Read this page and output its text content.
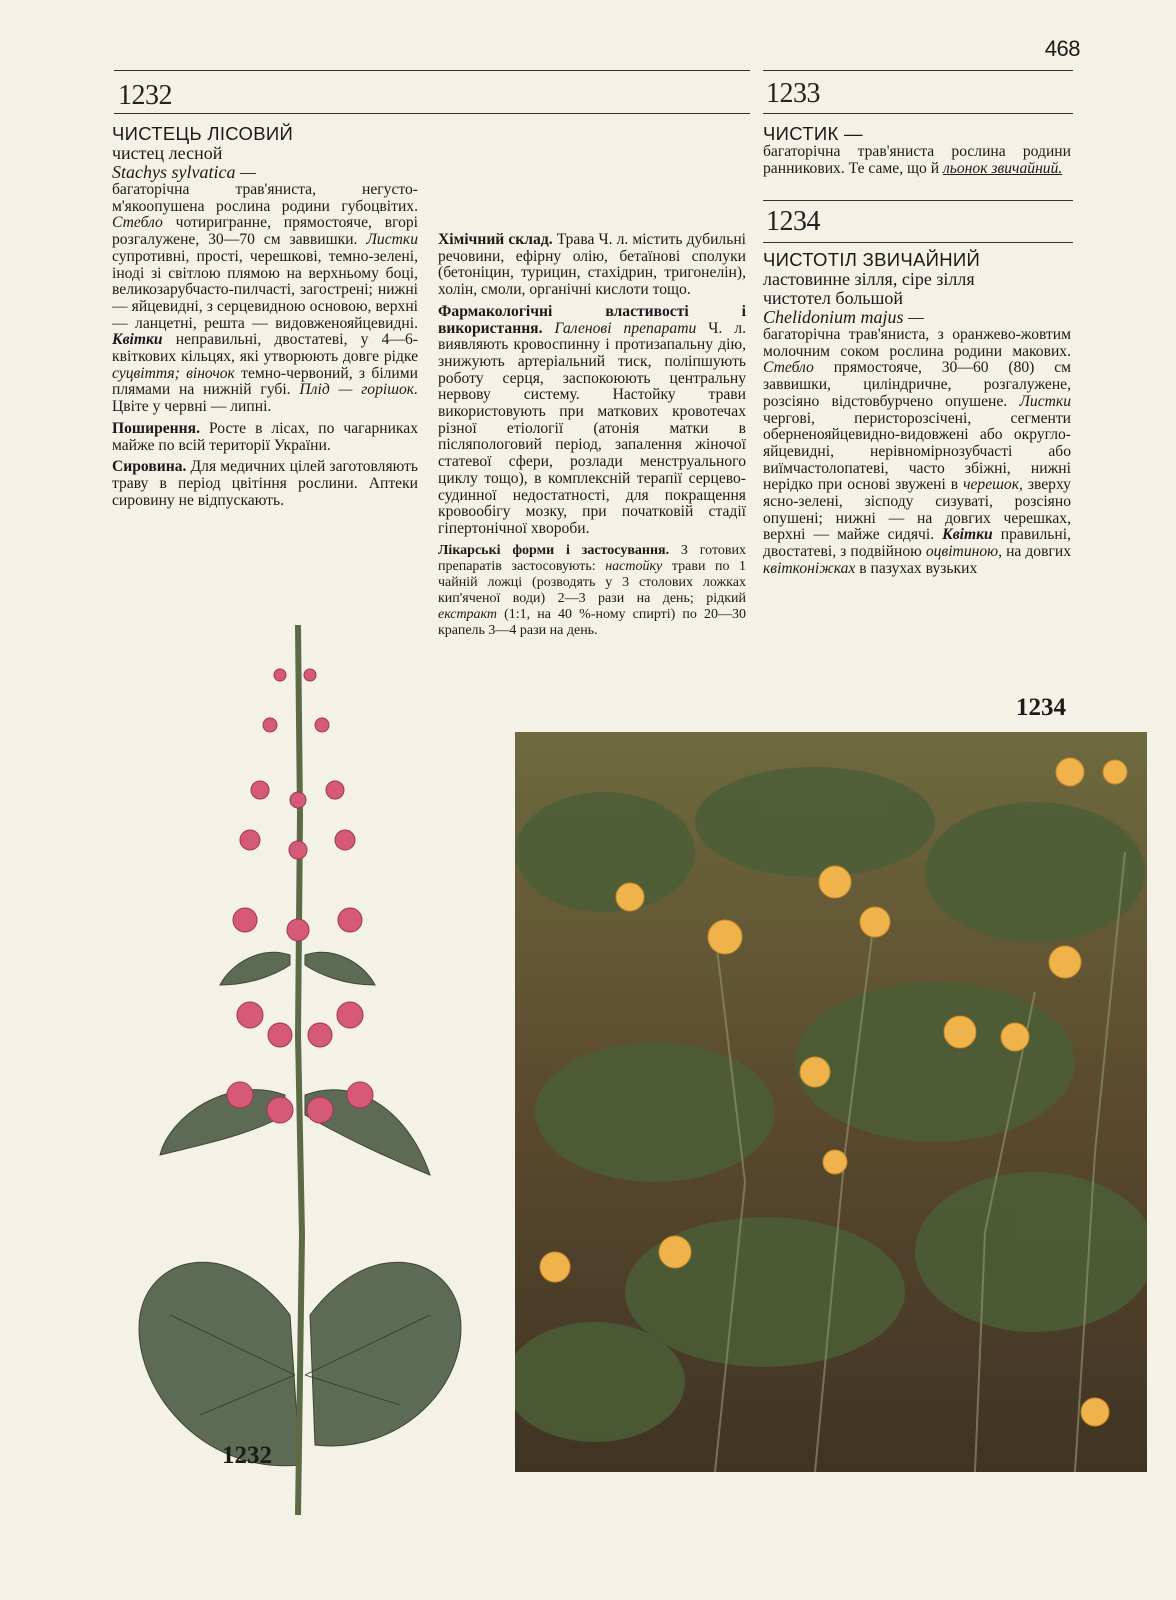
468
1232	1233
1234
ЧИСТЕЦЬ ЛІСОВИЙ
чистец лесной
Stachys sylvatica —

багаторічна трав'яниста, негусто-м'якоопушена рослина родини губоцвітих. Стебло чотиригранне, прямостояче, вгорі розгалужене, 30—70 см заввишки. Листки супротивні, прості, черешкові, темно-зелені, іноді зі світлою плямою на верхньому боці, великозарубчасто-пилчасті, загострені; нижні — яйцевидні, з серцевидною основою, верхні — ланцетні, решта — видовженояйцевидні. Квітки неправильні, двостатеві, у 4—6-квіткових кільцях, які утворюють довге рідке суцвіття; віночок темно-червоний, з білими плямами на нижній губі. Плід — горішок. Цвіте у червні — липні.

Поширення. Росте в лісах, по чагарниках майже по всій території України.

Сировина. Для медичних цілей заготовляють траву в період цвітіння рослини. Аптеки сировину не відпускають.

Хімічний склад. Трава Ч. л. містить дубильні речовини, ефірну олію, бетаїнові сполуки (бетоніцин, турицин, стахідрин, тригонелін), холін, смоли, органічні кислоти тощо.

Фармакологічні властивості і використання. Галенові препарати Ч. л. виявляють кровоспинну і протизапальну дію, знижують артеріальний тиск, поліпшують роботу серця, заспокоюють центральну нервову систему. Настойку трави використовують при маткових кровотечах різної етіології (атонія матки в післяпологовий період, запалення жіночої статевої сфери, розлади менструального циклу тощо), в комплексній терапії серцево-судинної недостатності, для покращення кровообігу мозку, при початковій стадії гіпертонічної хвороби.

Лікарські форми і застосування. З готових препаратів застосовують: настойку трави по 1 чайній ложці (розводять у 3 столових ложках кип'яченої води) 2—3 рази на день; рідкий екстракт (1:1, на 40 %-ному спирті) по 20—30 крапель 3—4 рази на день.

ЧИСТИК —

багаторічна трав'яниста рослина родини ранникових. Те саме, що й льонок звичайний.

ЧИСТОТІЛ ЗВИЧАЙНИЙ
ластовинне зілля, сіре зілля
чистотел большой
Chelidonium majus —

багаторічна трав'яниста, з оранжево-жовтим молочним соком рослина родини макових. Стебло прямостояче, 30—60 (80) см заввишки, циліндричне, розгалужене, розсіяно відстовбурчено опушене. Листки чергові, перисторозсічені, сегменти оберненояйцевидно-видовжені або округло-яйцевидні, нерівномірнозубчасті або виїмчастолопатеві, часто збіжні, нижні нерідко при основі звужені в черешок, зверху ясно-зелені, зісподу сизуваті, розсіяно опушені; нижні — на довгих черешках, верхні — майже сидячі. Квітки правильні, двостатеві, з подвійною оцвітиною, на довгих квітконіжках в пазухах вузьких

1232
1234
